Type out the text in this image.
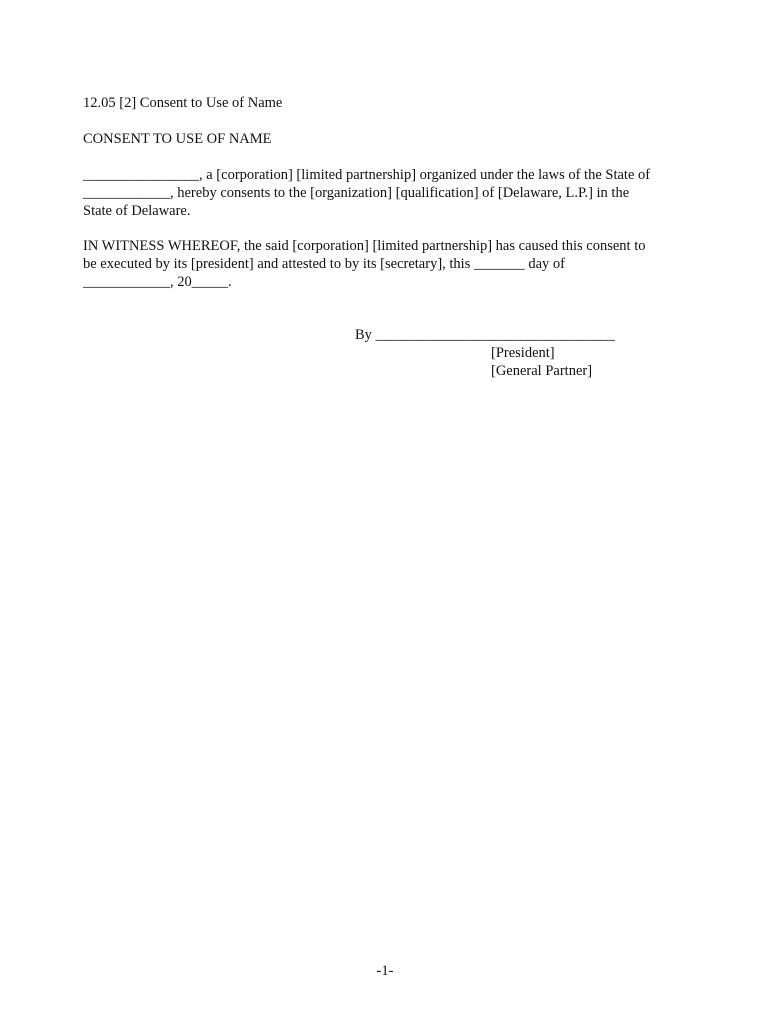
12.05 [2] Consent to Use of Name

CONSENT TO USE OF NAME

________________, a [corporation] [limited partnership] organized under the laws of the State of
____________, hereby consents to the [organization] [qualification] of [Delaware, L.P.] in the
State of Delaware.
IN WITNESS WHEREOF, the said [corporation] [limited partnership] has caused this consent to
be executed by its [president] and attested to by its [secretary], this _______ day of
____________, 20_____.

By _________________________________

[President]

[General Partner]

-1-
